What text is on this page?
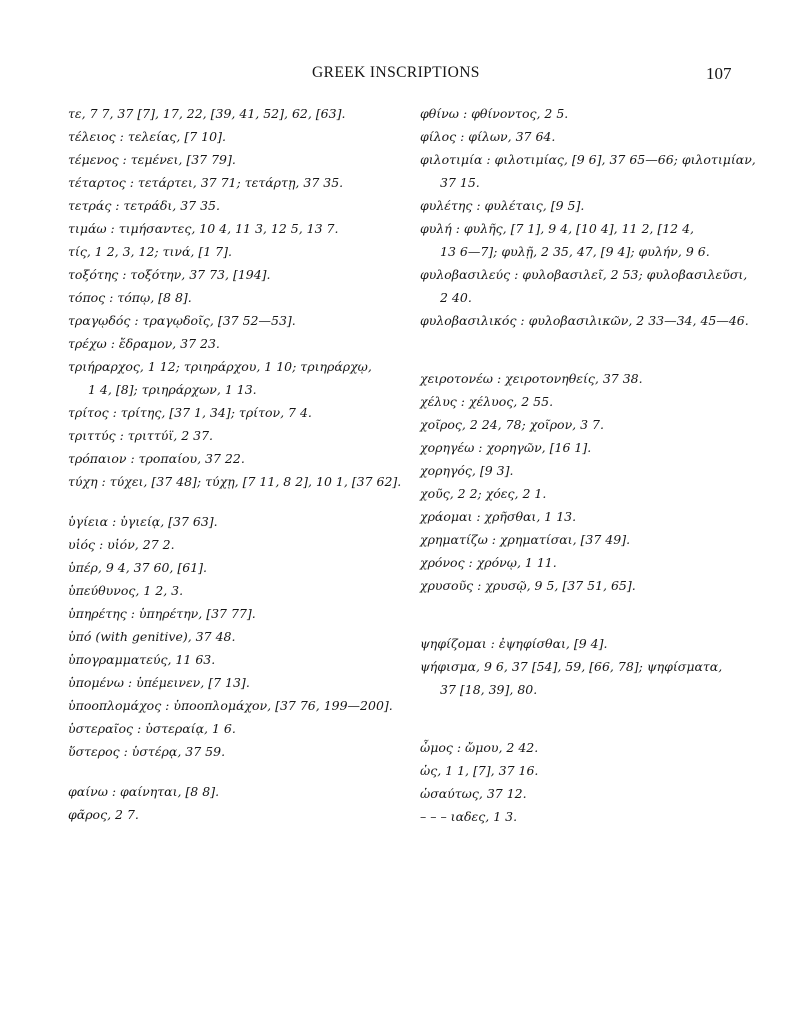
GREEK INSCRIPTIONS	107
τε, 7 7, 37 [7], 17, 22, [39, 41, 52], 62, [63].
τέλειος : τελείας, [7 10].
τέμενος : τεμένει, [37 79].
τέταρτος : τετάρτει, 37 71; τετάρτῃ, 37 35.
τετράς : τετράδι, 37 35.
τιμάω : τιμήσαντες, 10 4, 11 3, 12 5, 13 7.
τίς, 1 2, 3, 12; τινά, [1 7].
τοξότης : τοξότην, 37 73, [194].
τόπος : τόπῳ, [8 8].
τραγῳδός : τραγῳδοῖς, [37 52—53].
τρέχω : ἔδραμον, 37 23.
τριήραρχος, 1 12; τριηράρχου, 1 10; τριηράρχῳ,
1 4, [8]; τριηράρχων, 1 13.
τρίτος : τρίτης, [37 1, 34]; τρίτον, 7 4.
τριττύς : τριττύϊ, 2 37.
τρόπαιον : τροπαίου, 37 22.
τύχη : τύχει, [37 48]; τύχῃ, [7 11, 8 2], 10 1, [37 62].
ὑγίεια : ὑγιείᾳ, [37 63].
υἱός : υἱόν, 27 2.
ὑπέρ, 9 4, 37 60, [61].
ὑπεύθυνος, 1 2, 3.
ὑπηρέτης : ὑπηρέτην, [37 77].
ὑπό (with genitive), 37 48.
ὑπογραμματεύς, 11 63.
ὑπομένω : ὑπέμεινεν, [7 13].
ὑποοπλομάχος : ὑποοπλομάχον, [37 76, 199—200].
ὑστεραῖος : ὑστεραίᾳ, 1 6.
ὕστερος : ὑστέρᾳ, 37 59.
φαίνω : φαίνηται, [8 8].
φᾶρος, 2 7.
φθίνω : φθίνοντος, 2 5.
φίλος : φίλων, 37 64.
φιλοτιμία : φιλοτιμίας, [9 6], 37 65—66; φιλοτιμίαν,
37 15.
φυλέτης : φυλέταις, [9 5].
φυλή : φυλῆς, [7 1], 9 4, [10 4], 11 2, [12 4,
13 6—7]; φυλῇ, 2 35, 47, [9 4]; φυλήν, 9 6.
φυλοβασιλεύς : φυλοβασιλεῖ, 2 53; φυλοβασιλεῦσι,
2 40.
φυλοβασιλικός : φυλοβασιλικῶν, 2 33—34, 45—46.
χειροτονέω : χειροτονηθείς, 37 38.
χέλυς : χέλυος, 2 55.
χοῖρος, 2 24, 78; χοῖρον, 3 7.
χορηγέω : χορηγῶν, [16 1].
χορηγός, [9 3].
χοῦς, 2 2; χόες, 2 1.
χράομαι : χρῆσθαι, 1 13.
χρηματίζω : χρηματίσαι, [37 49].
χρόνος : χρόνῳ, 1 11.
χρυσοῦς : χρυσῷ, 9 5, [37 51, 65].
ψηφίζομαι : ἐψηφίσθαι, [9 4].
ψήφισμα, 9 6, 37 [54], 59, [66, 78]; ψηφίσματα,
37 [18, 39], 80.
ὦμος : ὤμου, 2 42.
ὡς, 1 1, [7], 37 16.
ὡσαύτως, 37 12.
– – – ιαδες, 1 3.
